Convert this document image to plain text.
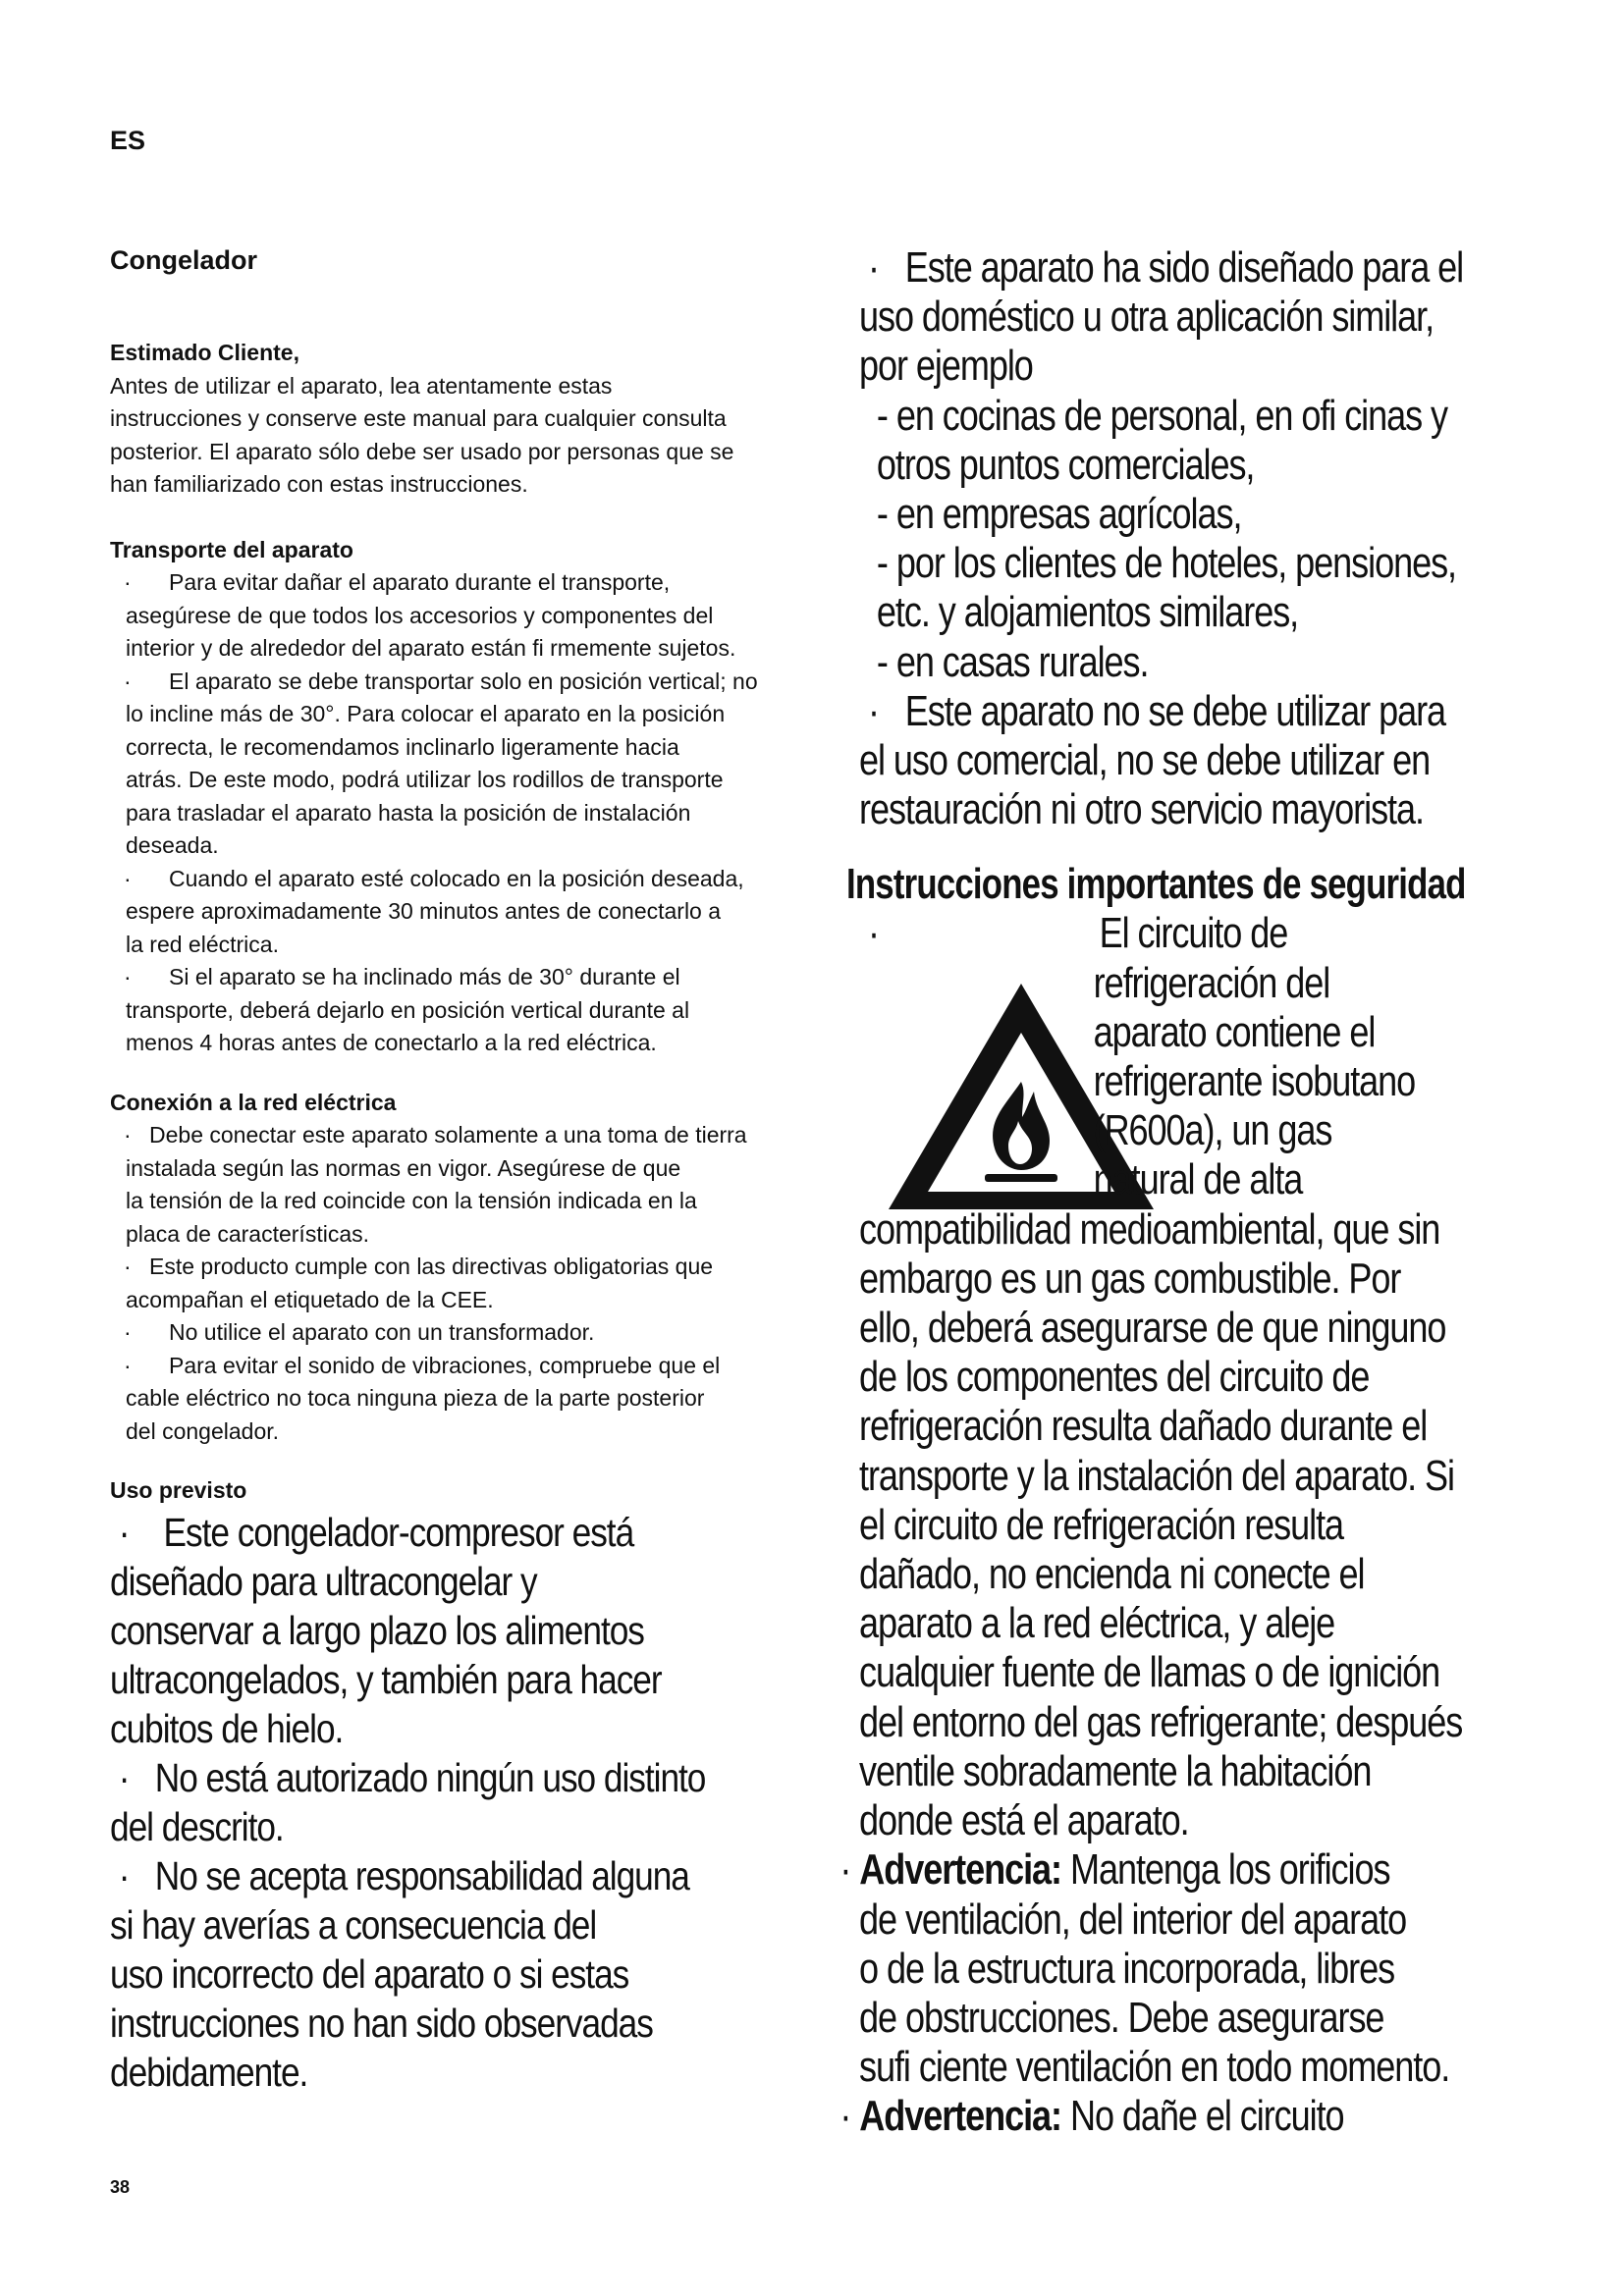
ES
Congelador
Estimado Cliente,

Antes de utilizar el aparato, lea atentamente estas

instrucciones y conserve este manual para cualquier consulta

posterior. El aparato sólo debe ser usado por personas que se

han familiarizado con estas instrucciones.

Transporte del aparato
·	Para evitar dañar el aparato durante el transporte,
asegúrese de que todos los accesorios y componentes del
interior y de alrededor del aparato están fi rmemente sujetos.
·	El aparato se debe transportar solo en posición vertical; no
lo incline más de 30°. Para colocar el aparato en la posición
correcta, le recomendamos inclinarlo ligeramente hacia
atrás. De este modo, podrá utilizar los rodillos de transporte
para trasladar el aparato hasta la posición de instalación
deseada.
·	Cuando el aparato esté colocado en la posición deseada,
espere aproximadamente 30 minutos antes de conectarlo a
la red eléctrica.
·	Si el aparato se ha inclinado más de 30° durante el
transporte, deberá dejarlo en posición vertical durante al
menos 4 horas antes de conectarlo a la red eléctrica.
Conexión a la red eléctrica
· Debe conectar este aparato solamente a una toma de tierra
instalada según las normas en vigor. Asegúrese de que
la tensión de la red coincide con la tensión indicada en la
placa de características.
· Este producto cumple con las directivas obligatorias que
acompañan el etiquetado de la CEE.
·	No utilice el aparato con un transformador.
·	Para evitar el sonido de vibraciones, compruebe que el
cable eléctrico no toca ninguna pieza de la parte posterior
del congelador.
Uso previsto
·    Este congelador-compresor está
diseñado para ultracongelar y
conservar a largo plazo los alimentos
ultracongelados, y también para hacer
cubitos de hielo.
·   No está autorizado ningún uso distinto
del descrito.
·   No se acepta responsabilidad alguna
si hay averías a consecuencia del
uso incorrecto del aparato o si estas
instrucciones no han sido observadas
debidamente.
·   Este aparato ha sido diseñado para el
uso doméstico u otra aplicación similar,
por ejemplo
- en cocinas de personal, en ofi cinas y
otros puntos comerciales,
- en empresas agrícolas,
- por los clientes de hoteles, pensiones,
etc. y alojamientos similares,
- en casas rurales.
·   Este aparato no se debe utilizar para
el uso comercial, no se debe utilizar en
restauración ni otro servicio mayorista.
Instrucciones importantes de seguridad
·	El circuito de
refrigeración del
aparato contiene el
refrigerante isobutano
(R600a), un gas
natural de alta
compatibilidad medioambiental, que sin
embargo es un gas combustible. Por
ello, deberá asegurarse de que ninguno
de los componentes del circuito de
refrigeración resulta dañado durante el
transporte y la instalación del aparato. Si
el circuito de refrigeración resulta
dañado, no encienda ni conecte el
aparato a la red eléctrica, y aleje
cualquier fuente de llamas o de ignición
del entorno del gas refrigerante; después
ventile sobradamente la habitación
donde está el aparato.
· Advertencia: Mantenga los orificios
de ventilación, del interior del aparato
o de la estructura incorporada, libres
de obstrucciones. Debe asegurarse
sufi ciente ventilación en todo momento.
· Advertencia: No dañe el circuito
38
